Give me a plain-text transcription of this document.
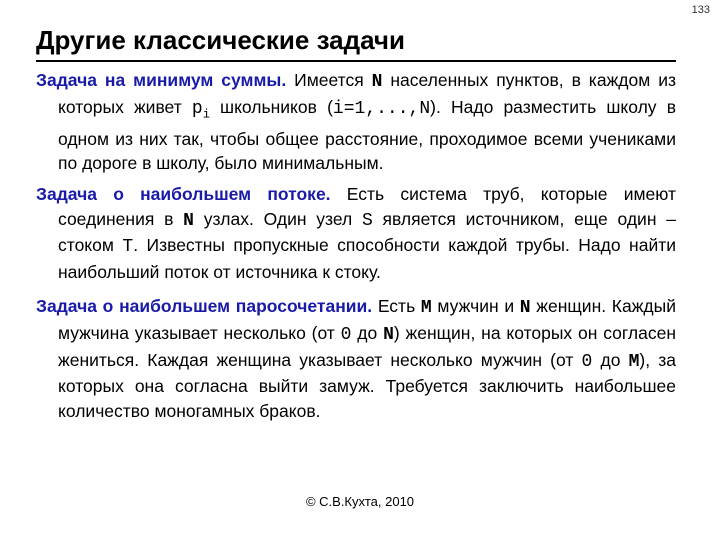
133
Другие классические задачи

Задача на минимум суммы. Имеется N населенных пунктов, в каждом из которых живет $p_i$ школьников (i=1,...,N). Надо разместить школу в одном из них так, чтобы общее расстояние, проходимое всеми учениками по дороге в школу, было минимальным.

Задача о наибольшем потоке. Есть система труб, которые имеют соединения в N узлах. Один узел S является источником, еще один – стоком T. Известны пропускные способности каждой трубы. Надо найти наибольший поток от источника к стоку.

Задача о наибольшем паросочетании. Есть M мужчин и N женщин. Каждый мужчина указывает несколько (от 0 до N) женщин, на которых он согласен жениться. Каждая женщина указывает несколько мужчин (от 0 до M), за которых она согласна выйти замуж. Требуется заключить наибольшее количество моногамных браков.

© С.В.Кухта, 2010
